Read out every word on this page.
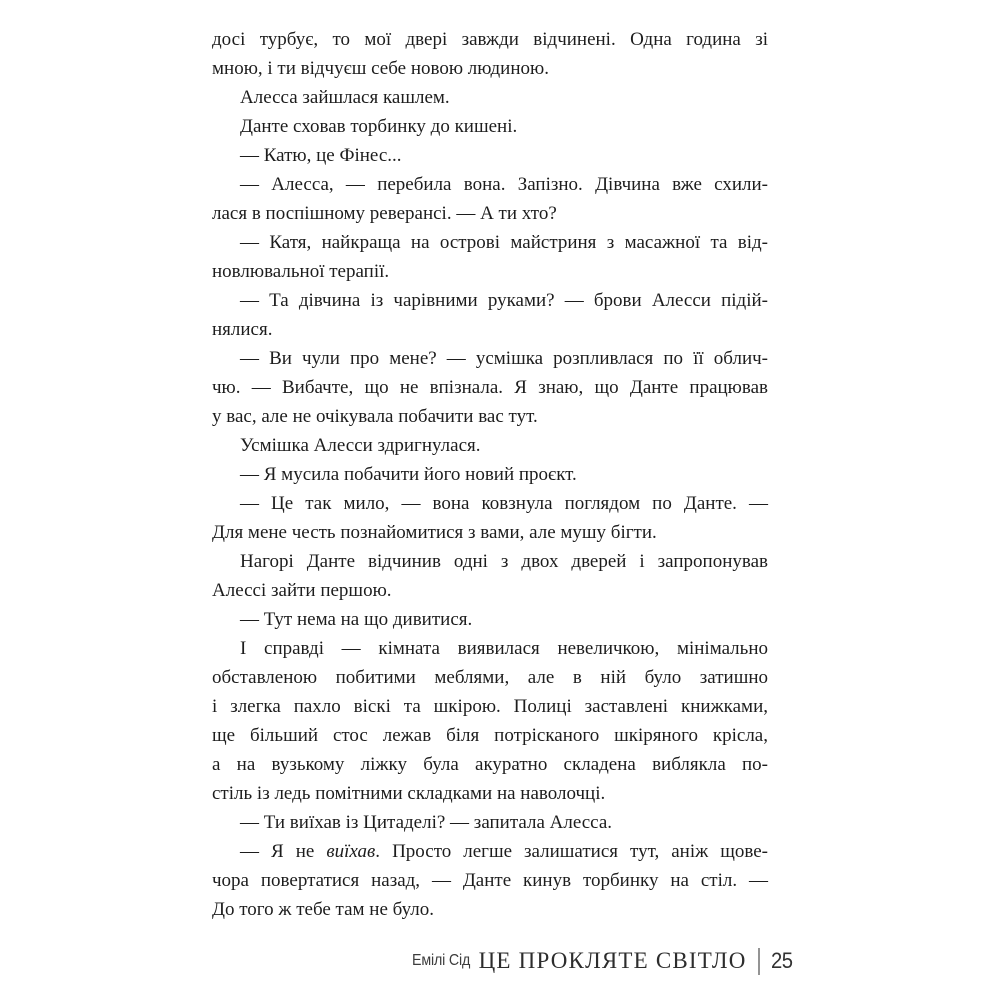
досі турбує, то мої двері завжди відчинені. Одна година зі
мною, і ти відчуєш себе новою людиною.
Алесса зайшлася кашлем.
Данте сховав торбинку до кишені.
— Катю, це Фінес...
— Алесса, — перебила вона. Запізно. Дівчина вже схили-
лася в поспішному реверансі. — А ти хто?
— Катя, найкраща на острові майстриня з масажної та від-
новлювальної терапії.
— Та дівчина із чарівними руками? — брови Алесси підій-
нялися.
— Ви чули про мене? — усмішка розпливлася по її облич-
чю. — Вибачте, що не впізнала. Я знаю, що Данте працював
у вас, але не очікувала побачити вас тут.
Усмішка Алесси здригнулася.
— Я мусила побачити його новий проєкт.
— Це так мило, — вона ковзнула поглядом по Данте. —
Для мене честь познайомитися з вами, але мушу бігти.
Нагорі Данте відчинив одні з двох дверей і запропонував
Алессі зайти першою.
— Тут нема на що дивитися.
І справді — кімната виявилася невеличкою, мінімально
обставленою побитими меблями, але в ній було затишно
і злегка пахло віскі та шкірою. Полиці заставлені книжками,
ще більший стос лежав біля потрісканого шкіряного крісла,
а на вузькому ліжку була акуратно складена виблякла по-
стіль із ледь помітними складками на наволочці.
— Ти виїхав із Цитаделі? — запитала Алесса.
— Я не виїхав. Просто легше залишатися тут, аніж щове-
чора повертатися назад, — Данте кинув торбинку на стіл. —
До того ж тебе там не було.
Емілі Сід ЦЕ ПРОКЛЯТЕ СВІТЛО 25
